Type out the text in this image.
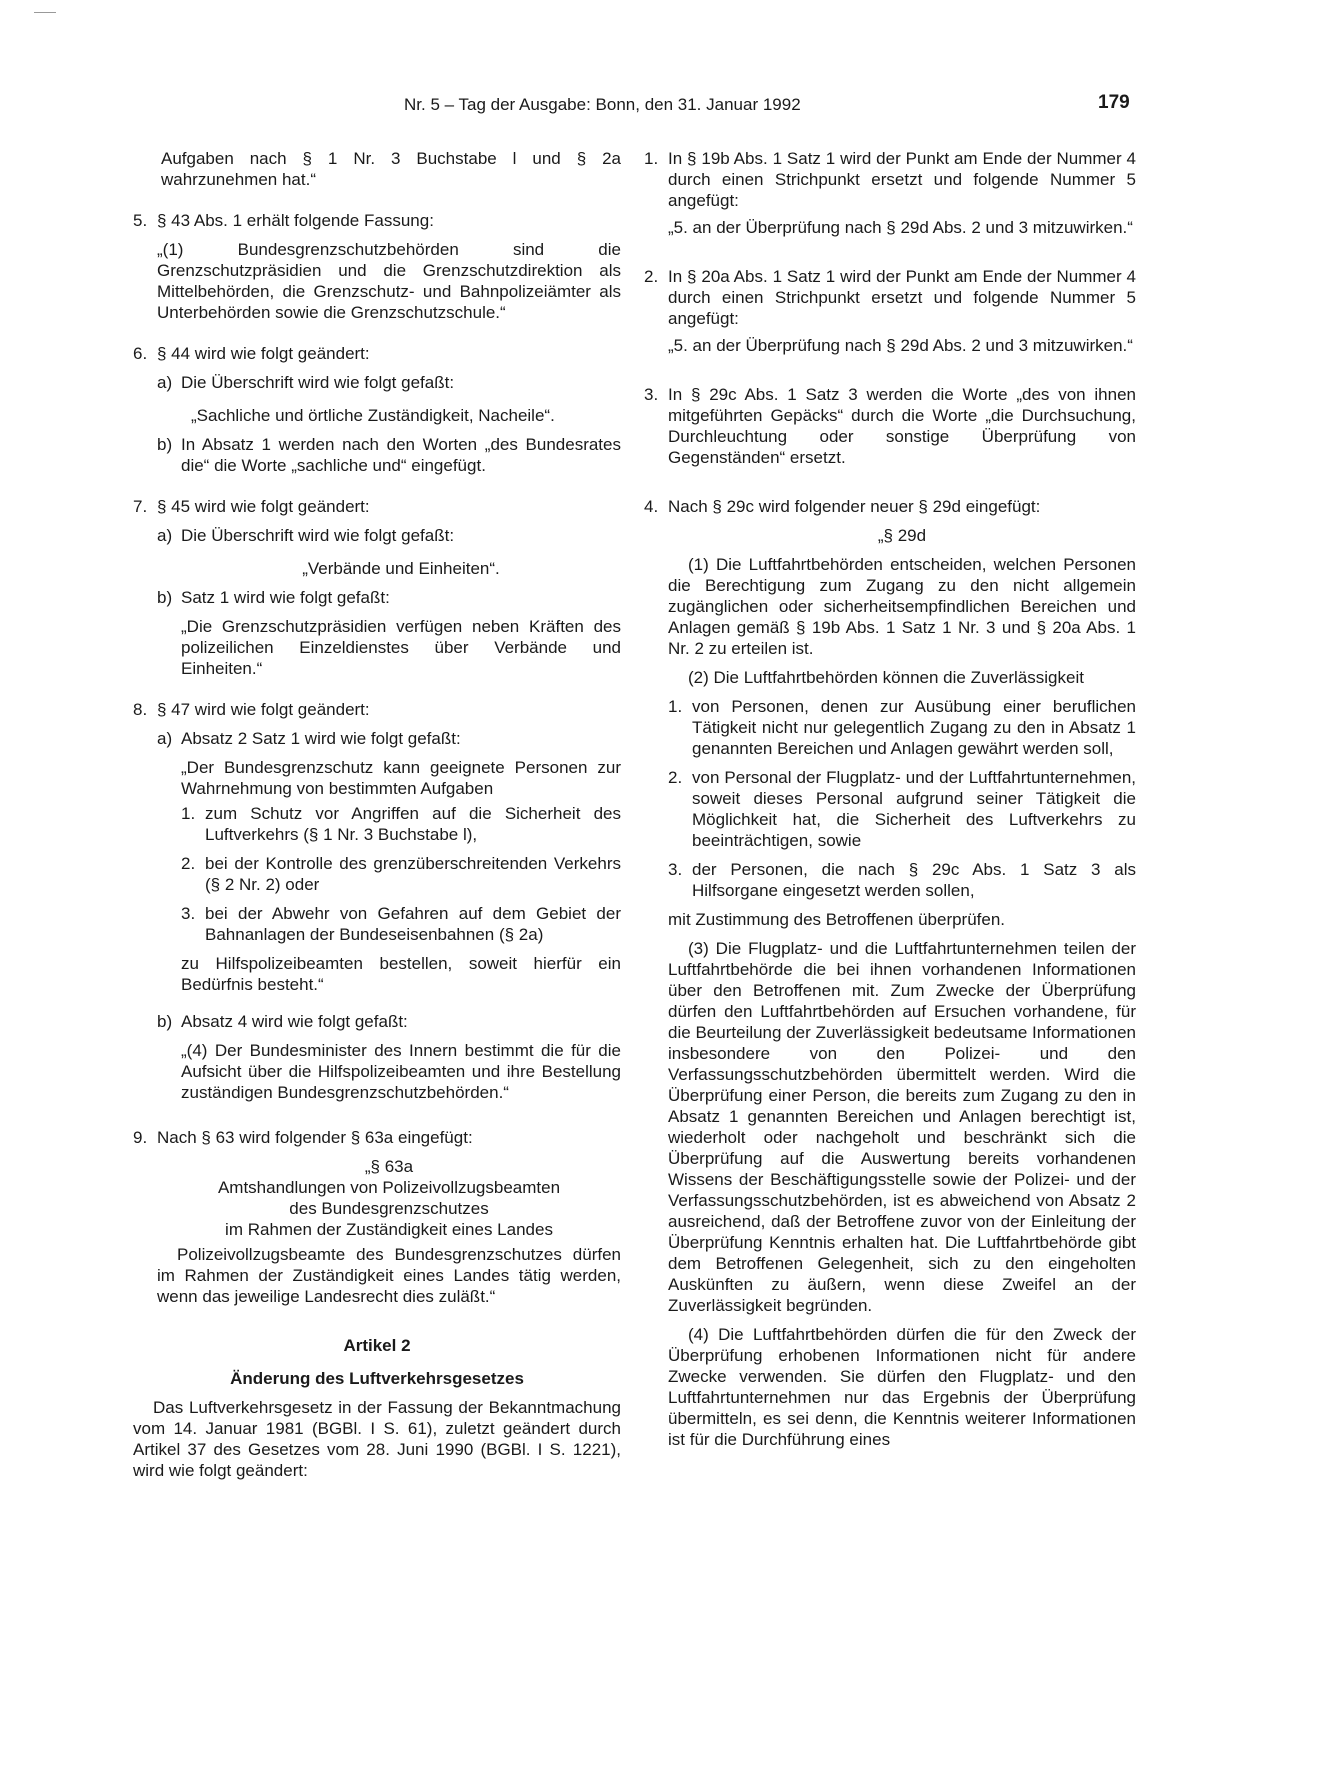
Nr. 5 – Tag der Ausgabe: Bonn, den 31. Januar 1992	179

Aufgaben nach § 1 Nr. 3 Buchstabe l und § 2a wahrzunehmen hat.“

5. § 43 Abs. 1 erhält folgende Fassung:

„(1) Bundesgrenzschutzbehörden sind die Grenzschutzpräsidien und die Grenzschutzdirektion als Mittelbehörden, die Grenzschutz- und Bahnpolizeiämter als Unterbehörden sowie die Grenzschutzschule.“

6. § 44 wird wie folgt geändert:

a) Die Überschrift wird wie folgt gefaßt:

„Sachliche und örtliche Zuständigkeit, Nacheile“.

b) In Absatz 1 werden nach den Worten „des Bundesrates die“ die Worte „sachliche und“ eingefügt.

7. § 45 wird wie folgt geändert:

a) Die Überschrift wird wie folgt gefaßt:

„Verbände und Einheiten“.

b) Satz 1 wird wie folgt gefaßt:

„Die Grenzschutzpräsidien verfügen neben Kräften des polizeilichen Einzeldienstes über Verbände und Einheiten.“

8. § 47 wird wie folgt geändert:

a) Absatz 2 Satz 1 wird wie folgt gefaßt:

„Der Bundesgrenzschutz kann geeignete Personen zur Wahrnehmung von bestimmten Aufgaben

1. zum Schutz vor Angriffen auf die Sicherheit des Luftverkehrs (§ 1 Nr. 3 Buchstabe l),

2. bei der Kontrolle des grenzüberschreitenden Verkehrs (§ 2 Nr. 2) oder

3. bei der Abwehr von Gefahren auf dem Gebiet der Bahnanlagen der Bundeseisenbahnen (§ 2a)

zu Hilfspolizeibeamten bestellen, soweit hierfür ein Bedürfnis besteht.“

b) Absatz 4 wird wie folgt gefaßt:

„(4) Der Bundesminister des Innern bestimmt die für die Aufsicht über die Hilfspolizeibeamten und ihre Bestellung zuständigen Bundesgrenzschutzbehörden.“

9. Nach § 63 wird folgender § 63a eingefügt:

„§ 63a

Amtshandlungen von Polizeivollzugsbeamten

des Bundesgrenzschutzes

im Rahmen der Zuständigkeit eines Landes

Polizeivollzugsbeamte des Bundesgrenzschutzes dürfen im Rahmen der Zuständigkeit eines Landes tätig werden, wenn das jeweilige Landesrecht dies zuläßt.“

Artikel 2

Änderung des Luftverkehrsgesetzes

Das Luftverkehrsgesetz in der Fassung der Bekanntmachung vom 14. Januar 1981 (BGBl. I S. 61), zuletzt geändert durch Artikel 37 des Gesetzes vom 28. Juni 1990 (BGBl. I S. 1221), wird wie folgt geändert:

1. In § 19b Abs. 1 Satz 1 wird der Punkt am Ende der Nummer 4 durch einen Strichpunkt ersetzt und folgende Nummer 5 angefügt:

„5. an der Überprüfung nach § 29d Abs. 2 und 3 mitzuwirken.“

2. In § 20a Abs. 1 Satz 1 wird der Punkt am Ende der Nummer 4 durch einen Strichpunkt ersetzt und folgende Nummer 5 angefügt:

„5. an der Überprüfung nach § 29d Abs. 2 und 3 mitzuwirken.“

3. In § 29c Abs. 1 Satz 3 werden die Worte „des von ihnen mitgeführten Gepäcks“ durch die Worte „die Durchsuchung, Durchleuchtung oder sonstige Überprüfung von Gegenständen“ ersetzt.

4. Nach § 29c wird folgender neuer § 29d eingefügt:

„§ 29d

(1) Die Luftfahrtbehörden entscheiden, welchen Personen die Berechtigung zum Zugang zu den nicht allgemein zugänglichen oder sicherheitsempfindlichen Bereichen und Anlagen gemäß § 19b Abs. 1 Satz 1 Nr. 3 und § 20a Abs. 1 Nr. 2 zu erteilen ist.

(2) Die Luftfahrtbehörden können die Zuverlässigkeit

1. von Personen, denen zur Ausübung einer beruflichen Tätigkeit nicht nur gelegentlich Zugang zu den in Absatz 1 genannten Bereichen und Anlagen gewährt werden soll,

2. von Personal der Flugplatz- und der Luftfahrtunternehmen, soweit dieses Personal aufgrund seiner Tätigkeit die Möglichkeit hat, die Sicherheit des Luftverkehrs zu beeinträchtigen, sowie

3. der Personen, die nach § 29c Abs. 1 Satz 3 als Hilfsorgane eingesetzt werden sollen,

mit Zustimmung des Betroffenen überprüfen.

(3) Die Flugplatz- und die Luftfahrtunternehmen teilen der Luftfahrtbehörde die bei ihnen vorhandenen Informationen über den Betroffenen mit. Zum Zwecke der Überprüfung dürfen den Luftfahrtbehörden auf Ersuchen vorhandene, für die Beurteilung der Zuverlässigkeit bedeutsame Informationen insbesondere von den Polizei- und den Verfassungsschutzbehörden übermittelt werden. Wird die Überprüfung einer Person, die bereits zum Zugang zu den in Absatz 1 genannten Bereichen und Anlagen berechtigt ist, wiederholt oder nachgeholt und beschränkt sich die Überprüfung auf die Auswertung bereits vorhandenen Wissens der Beschäftigungsstelle sowie der Polizei- und der Verfassungsschutzbehörden, ist es abweichend von Absatz 2 ausreichend, daß der Betroffene zuvor von der Einleitung der Überprüfung Kenntnis erhalten hat. Die Luftfahrtbehörde gibt dem Betroffenen Gelegenheit, sich zu den eingeholten Auskünften zu äußern, wenn diese Zweifel an der Zuverlässigkeit begründen.

(4) Die Luftfahrtbehörden dürfen die für den Zweck der Überprüfung erhobenen Informationen nicht für andere Zwecke verwenden. Sie dürfen den Flugplatz- und den Luftfahrtunternehmen nur das Ergebnis der Überprüfung übermitteln, es sei denn, die Kenntnis weiterer Informationen ist für die Durchführung eines
